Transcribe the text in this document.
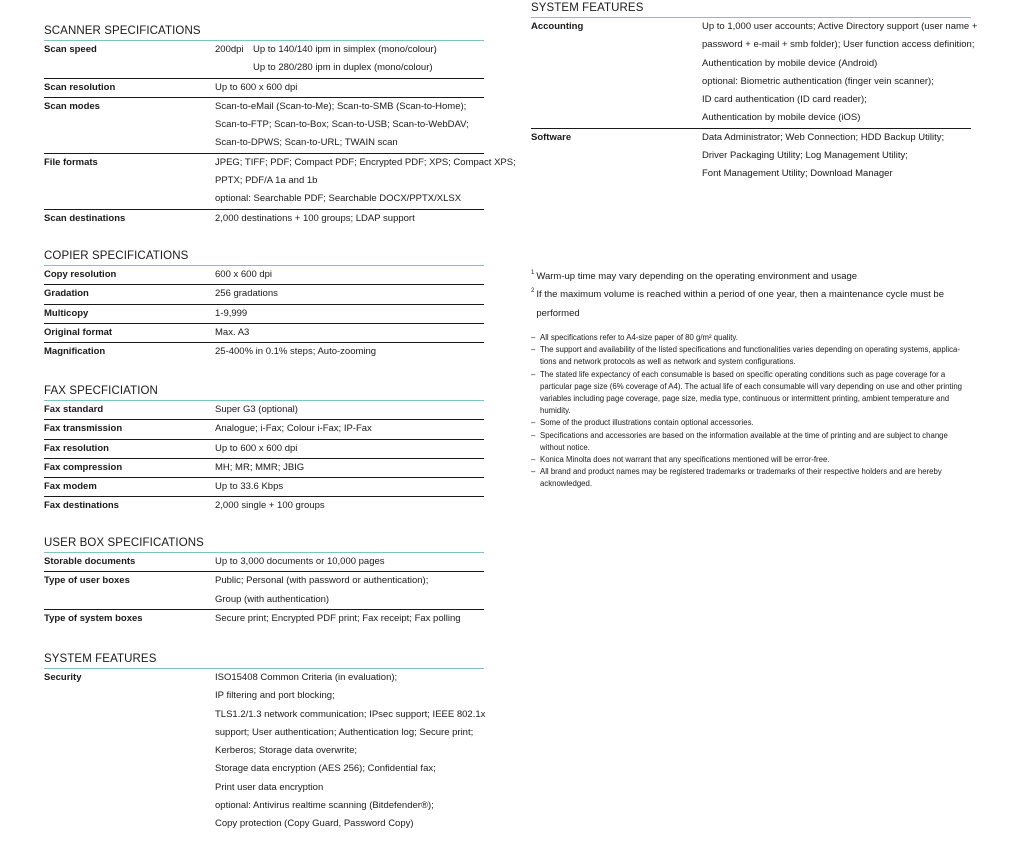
SCANNER SPECIFICATIONS
Scan speed	200dpi Up to 140/140 ipm in simplex (mono/colour)
Up to 280/280 ipm in duplex (mono/colour)
Scan resolution	Up to 600 x 600 dpi
Scan modes	Scan-to-eMail (Scan-to-Me); Scan-to-SMB (Scan-to-Home);
Scan-to-FTP; Scan-to-Box; Scan-to-USB; Scan-to-WebDAV;
Scan-to-DPWS; Scan-to-URL; TWAIN scan
File formats	JPEG; TIFF; PDF; Compact PDF; Encrypted PDF; XPS; Compact XPS;
PPTX; PDF/A 1a and 1b
optional: Searchable PDF; Searchable DOCX/PPTX/XLSX
Scan destinations	2,000 destinations + 100 groups; LDAP support
COPIER SPECIFICATIONS
Copy resolution	600 x 600 dpi
Gradation	256 gradations
Multicopy	1-9,999
Original format	Max. A3
Magnification	25-400% in 0.1% steps; Auto-zooming
FAX SPECFICIATION
Fax standard	Super G3 (optional)
Fax transmission	Analogue; i-Fax; Colour i-Fax; IP-Fax
Fax resolution	Up to 600 x 600 dpi
Fax compression	MH; MR; MMR; JBIG
Fax modem	Up to 33.6 Kbps
Fax destinations	2,000 single + 100 groups
USER BOX SPECIFICATIONS
Storable documents	Up to 3,000 documents or 10,000 pages
Type of user boxes	Public; Personal (with password or authentication);
Group (with authentication)
Type of system boxes	Secure print; Encrypted PDF print; Fax receipt; Fax polling
SYSTEM FEATURES
Security	ISO15408 Common Criteria (in evaluation);
IP filtering and port blocking;
TLS1.2/1.3 network communication; IPsec support; IEEE 802.1x
support; User authentication; Authentication log; Secure print;
Kerberos; Storage data overwrite;
Storage data encryption (AES 256); Confidential fax;
Print user data encryption
optional: Antivirus realtime scanning (Bitdefender®);
Copy protection (Copy Guard, Password Copy)
SYSTEM FEATURES
Accounting	Up to 1,000 user accounts; Active Directory support (user name +
password + e-mail + smb folder); User function access definition;
Authentication by mobile device (Android)
optional: Biometric authentication (finger vein scanner);
ID card authentication (ID card reader);
Authentication by mobile device (iOS)
Software	Data Administrator; Web Connection; HDD Backup Utility;
Driver Packaging Utility; Log Management Utility;
Font Management Utility; Download Manager
1 Warm-up time may vary depending on the operating environment and usage
2 If the maximum volume is reached within a period of one year, then a maintenance cycle must be
performed
– All specifications refer to A4-size paper of 80 g/m² quality.
– The support and availability of the listed specifications and functionalities varies depending on operating systems, applica-
tions and network protocols as well as network and system configurations.
– The stated life expectancy of each consumable is based on specific operating conditions such as page coverage for a
particular page size (6% coverage of A4). The actual life of each consumable will vary depending on use and other printing
variables including page coverage, page size, media type, continuous or intermittent printing, ambient temperature and
humidity.
– Some of the product illustrations contain optional accessories.
– Specifications and accessories are based on the information available at the time of printing and are subject to change
without notice.
– Konica Minolta does not warrant that any specifications mentioned will be error-free.
– All brand and product names may be registered trademarks or trademarks of their respective holders and are hereby
acknowledged.
